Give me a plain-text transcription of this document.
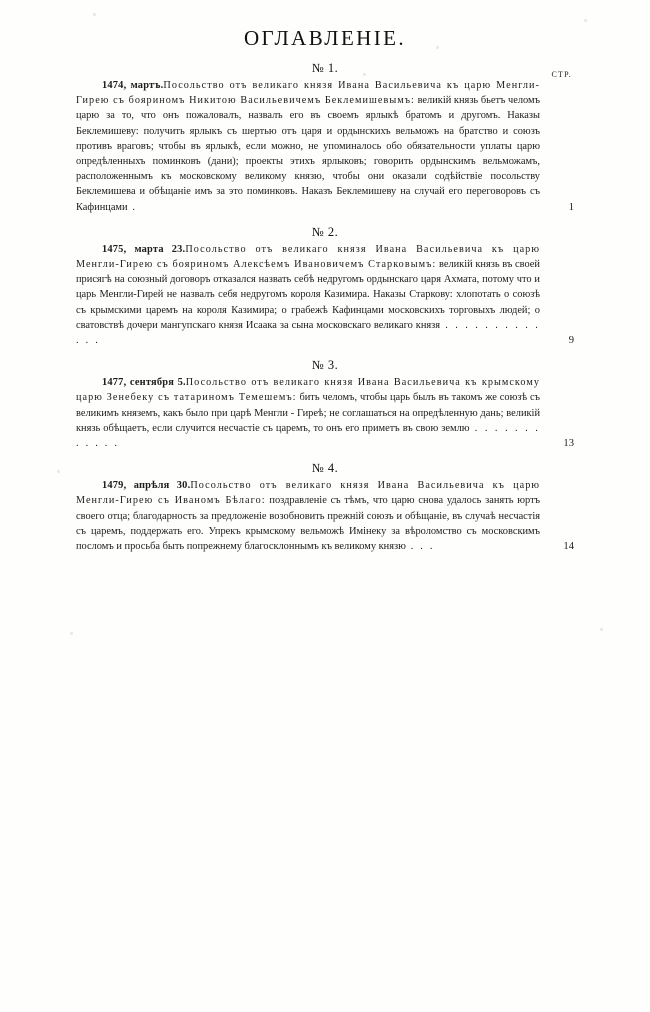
ОГЛАВЛЕНІЕ.
СТР.
№ 1.
1474, мартъ.Посольство отъ великаго князя Ивана Васильевича къ царю Менгли-Гирею съ бояриномъ Никитою Васильевичемъ Беклемишевымъ: великій князь бьетъ челомъ царю за то, что онъ пожаловалъ, назвалъ его въ своемъ ярлыкѣ братомъ и другомъ. Наказы Беклемишеву: получить ярлыкъ съ шертью отъ царя и ордынскихъ вельможъ на братство и союзъ противъ враговъ; чтобы въ ярлыкѣ, если можно, не упоминалось обо обязательности уплаты царю опредѣленныхъ поминковъ (дани); проекты этихъ ярлыковъ; говорить ордынскимъ вельможамъ, расположеннымъ къ московскому великому князю, чтобы они оказали содѣйствіе посольству Беклемишева и обѣщаніе имъ за это поминковъ. Наказъ Беклемишеву на случай его переговоровъ съ Кафинцами .	1
№ 2.
1475, марта 23.Посольство отъ великаго князя Ивана Васильевича къ царю Менгли-Гирею съ бояриномъ Алексѣемъ Ивановичемъ Старковымъ: великій князь въ своей присягѣ на союзный договоръ отказался назвать себѣ недругомъ ордынскаго царя Ахмата, потому что и царь Менгли-Гирей не назвалъ себя недругомъ короля Казимира. Наказы Старкову: хлопотать о союзѣ съ крымскими царемъ на короля Казимира; о грабежѣ Кафинцами московскихъ торговыхъ людей; о сватовствѣ дочери мангупскаго князя Исаака за сына московскаго великаго князя . . . . . . . . . . . . .	9
№ 3.
1477, сентября 5.Посольство отъ великаго князя Ивана Васильевича къ крымскому царю Зенебеку съ татариномъ Темешемъ: бить челомъ, чтобы царь былъ въ такомъ же союзѣ съ великимъ княземъ, какъ было при царѣ Менгли - Гиреѣ; не соглашаться на опредѣленную дань; великій князь обѣщаетъ, если случится несчастіе съ царемъ, то онъ его приметъ въ свою землю . . . . . . . . . . . .	13
№ 4.
1479, апрѣля 30.Посольство отъ великаго князя Ивана Васильевича къ царю Менгли-Гирею съ Иваномъ Бѣлаго: поздравленіе съ тѣмъ, что царю снова удалось занять юртъ своего отца; благодарность за предложеніе возобновить прежній союзъ и обѣщаніе, въ случаѣ несчастія съ царемъ, поддержать его. Упрекъ крымскому вельможѣ Имінеку за вѣроломство съ московскимъ посломъ и просьба быть попрежнему благосклоннымъ къ великому князю . . .	14
